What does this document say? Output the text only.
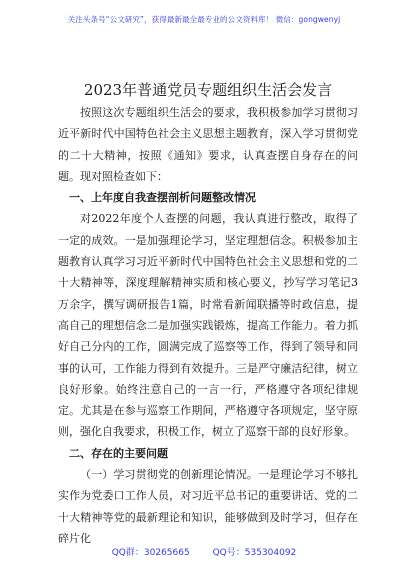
关注头条号“公文研究”，获得最新最全最专业的公文资料库！ 微信：gongwenyj
2023年普通党员专题组织生活会发言

按照这次专题组织生活会的要求，我积极参加学习贯彻习近平新时代中国特色社会主义思想主题教育，深入学习贯彻党的二十大精神，按照《通知》要求，认真查摆自身存在的问题。现对照检查如下：

一、上年度自我查摆剖析问题整改情况

对2022年度个人查摆的问题，我认真进行整改，取得了一定的成效。一是加强理论学习，坚定理想信念。积极参加主题教育认真学习习近平新时代中国特色社会主义思想和党的二十大精神等，深度理解精神实质和核心要义，抄写学习笔记3万余字，撰写调研报告1篇，时常看新闻联播等时政信息，提高自己的理想信念二是加强实践锻炼，提高工作能力。着力抓好自己分内的工作，圆满完成了巡察等工作，得到了领导和同事的认可，工作能力得到有效提升。三是严守廉洁纪律，树立良好形象。始终注意自己的一言一行，严格遵守各项纪律规定。尤其是在参与巡察工作期间，严格遵守各项规定，坚守原则，强化自我要求，积极工作，树立了巡察干部的良好形象。

二、存在的主要问题

（一）学习贯彻党的创新理论情况。一是理论学习不够扎实作为党委口工作人员，对习近平总书记的重要讲话、党的二十大精神等党的最新理论和知识，能够做到及时学习，但存在碎片化

QQ群：30265665	QQ号：535304092
